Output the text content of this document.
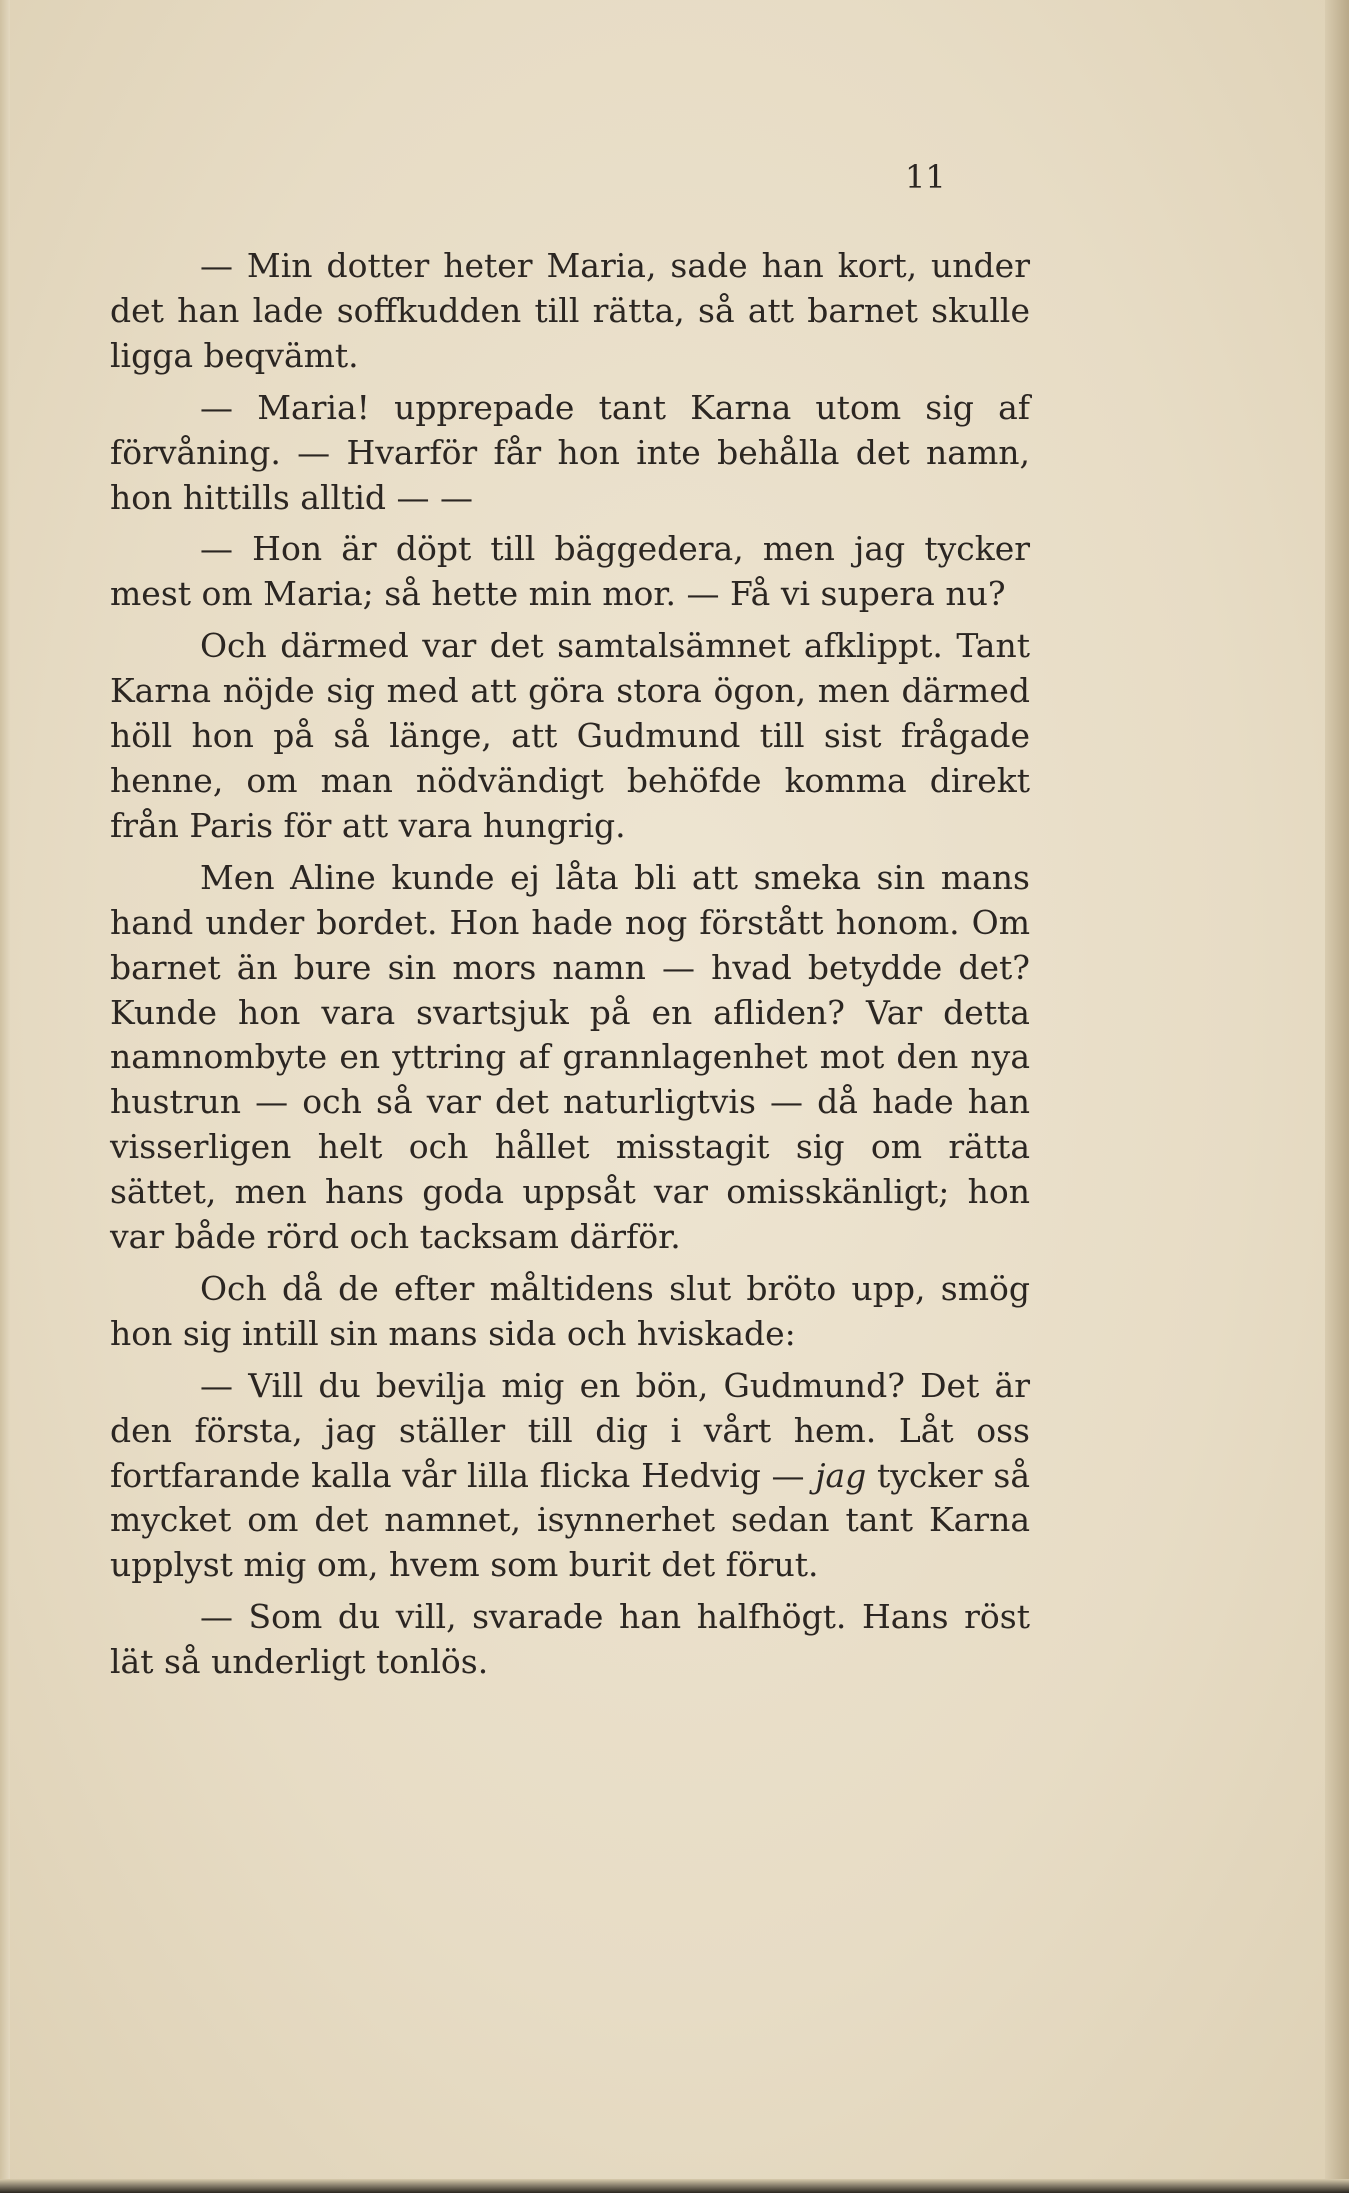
11

— Min dotter heter Maria, sade han kort, under det han lade soffkudden till rätta, så att barnet skulle ligga beqvämt.

— Maria! upprepade tant Karna utom sig af förvåning. — Hvarför får hon inte behålla det namn, hon hittills alltid — —

— Hon är döpt till bäggedera, men jag tycker mest om Maria; så hette min mor. — Få vi supera nu?

Och därmed var det samtalsämnet afklippt. Tant Karna nöjde sig med att göra stora ögon, men därmed höll hon på så länge, att Gudmund till sist frågade henne, om man nödvändigt behöfde komma direkt från Paris för att vara hungrig.

Men Aline kunde ej låta bli att smeka sin mans hand under bordet. Hon hade nog förstått honom. Om barnet än bure sin mors namn — hvad betydde det? Kunde hon vara svartsjuk på en afliden? Var detta namnombyte en yttring af grannlagenhet mot den nya hustrun — och så var det naturligtvis — då hade han visserligen helt och hållet misstagit sig om rätta sättet, men hans goda uppsåt var omisskänligt; hon var både rörd och tacksam därför.

Och då de efter måltidens slut bröto upp, smög hon sig intill sin mans sida och hviskade:

— Vill du bevilja mig en bön, Gudmund? Det är den första, jag ställer till dig i vårt hem. Låt oss fortfarande kalla vår lilla flicka Hedvig — jag tycker så mycket om det namnet, isynnerhet sedan tant Karna upplyst mig om, hvem som burit det förut.

— Som du vill, svarade han halfhögt. Hans röst lät så underligt tonlös.
